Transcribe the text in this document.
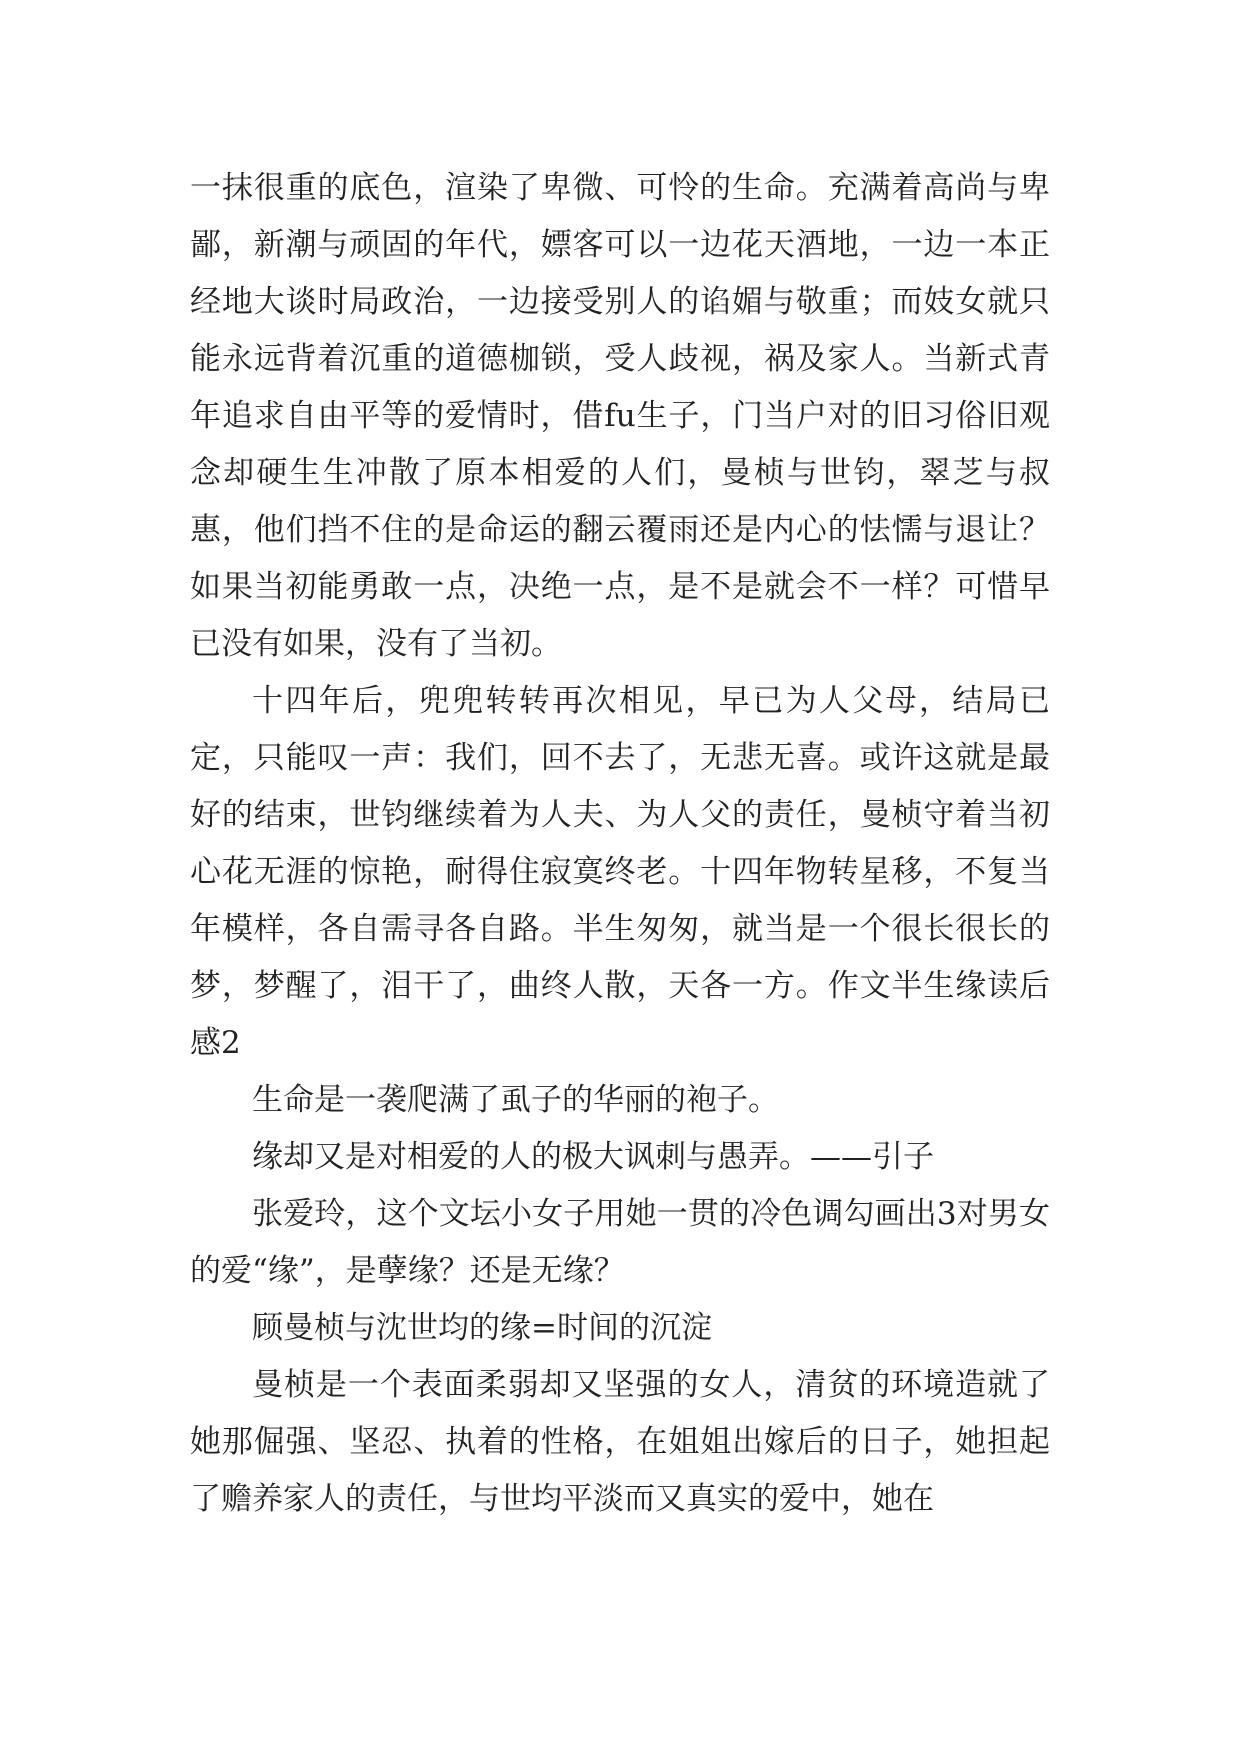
一抹很重的底色，渲染了卑微、可怜的生命。充满着高尚与卑鄙，新潮与顽固的年代，嫖客可以一边花天酒地，一边一本正经地大谈时局政治，一边接受别人的谄媚与敬重；而妓女就只能永远背着沉重的道德枷锁，受人歧视，祸及家人。当新式青年追求自由平等的爱情时，借fu生子，门当户对的旧习俗旧观念却硬生生冲散了原本相爱的人们，曼桢与世钧，翠芝与叔惠，他们挡不住的是命运的翻云覆雨还是内心的怯懦与退让？如果当初能勇敢一点，决绝一点，是不是就会不一样？可惜早已没有如果，没有了当初。

十四年后，兜兜转转再次相见，早已为人父母，结局已定，只能叹一声：我们，回不去了，无悲无喜。或许这就是最好的结束，世钧继续着为人夫、为人父的责任，曼桢守着当初心花无涯的惊艳，耐得住寂寞终老。十四年物转星移，不复当年模样，各自需寻各自路。半生匆匆，就当是一个很长很长的梦，梦醒了，泪干了，曲终人散，天各一方。作文半生缘读后感2

生命是一袭爬满了虱子的华丽的袍子。

缘却又是对相爱的人的极大讽刺与愚弄。——引子

张爱玲，这个文坛小女子用她一贯的冷色调勾画出3对男女的爱“缘”，是孽缘？还是无缘？

顾曼桢与沈世均的缘=时间的沉淀

曼桢是一个表面柔弱却又坚强的女人，清贫的环境造就了她那倔强、坚忍、执着的性格，在姐姐出嫁后的日子，她担起了赡养家人的责任，与世均平淡而又真实的爱中，她在
